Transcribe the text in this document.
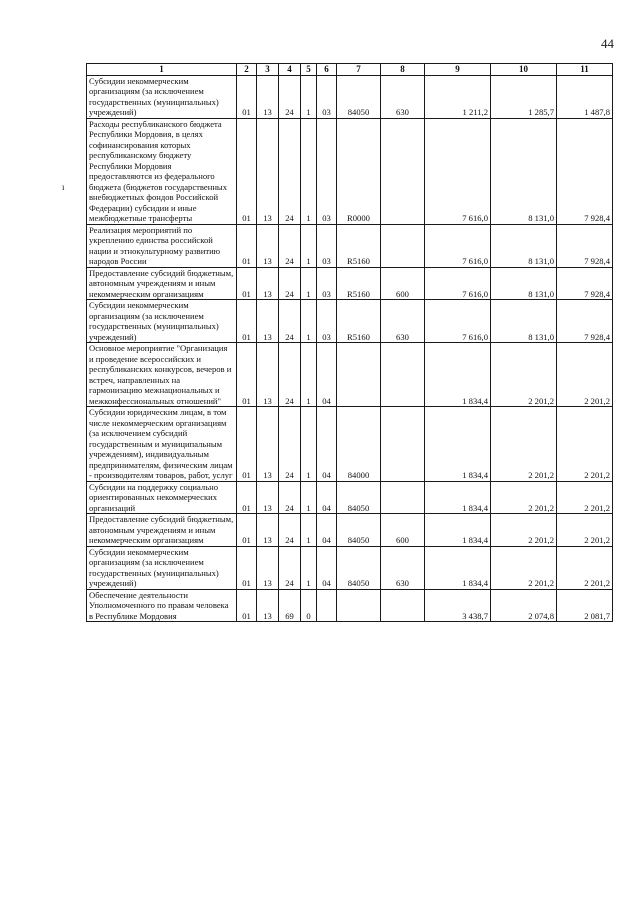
44
ı
1	2	3	4	5	6	7	8	9	10	11
Субсидии некоммерческим организациям (за исключением государственных (муниципальных) учреждений)	01	13	24	1	03	84050	630	1 211,2	1 285,7	1 487,8
Расходы республиканского бюджета Республики Мордовия, в целях софинансирования которых республиканскому бюджету Республики Мордовия предоставляются из федерального бюджета (бюджетов государственных внебюджетных фондов Российской Федерации) субсидии и иные межбюджетные трансферты	01	13	24	1	03	R0000		7 616,0	8 131,0	7 928,4
Реализация мероприятий по укреплению единства российской нации и этнокультурному развитию народов России	01	13	24	1	03	R5160		7 616,0	8 131,0	7 928,4
Предоставление субсидий бюджетным, автономным учреждениям и иным некоммерческим организациям	01	13	24	1	03	R5160	600	7 616,0	8 131,0	7 928,4
Субсидии некоммерческим организациям (за исключением государственных (муниципальных) учреждений)	01	13	24	1	03	R5160	630	7 616,0	8 131,0	7 928,4
Основное мероприятие "Организация и проведение всероссийских и республиканских конкурсов, вечеров и встреч, направленных на гармонизацию межнациональных и межконфессиональных отношений"	01	13	24	1	04			1 834,4	2 201,2	2 201,2
Субсидии юридическим лицам, в том числе некоммерческим организациям (за исключением субсидий государственным и муниципальным учреждениям), индивидуальным предпринимателям, физическим лицам - производителям товаров, работ, услуг	01	13	24	1	04	84000		1 834,4	2 201,2	2 201,2
Субсидии на поддержку социально ориентированных некоммерческих организаций	01	13	24	1	04	84050		1 834,4	2 201,2	2 201,2
Предоставление субсидий бюджетным, автономным учреждениям и иным некоммерческим организациям	01	13	24	1	04	84050	600	1 834,4	2 201,2	2 201,2
Субсидии некоммерческим организациям (за исключением государственных (муниципальных) учреждений)	01	13	24	1	04	84050	630	1 834,4	2 201,2	2 201,2
Обеспечение деятельности Уполномоченного по правам человека в Республике Мордовия	01	13	69	0				3 438,7	2 074,8	2 081,7
